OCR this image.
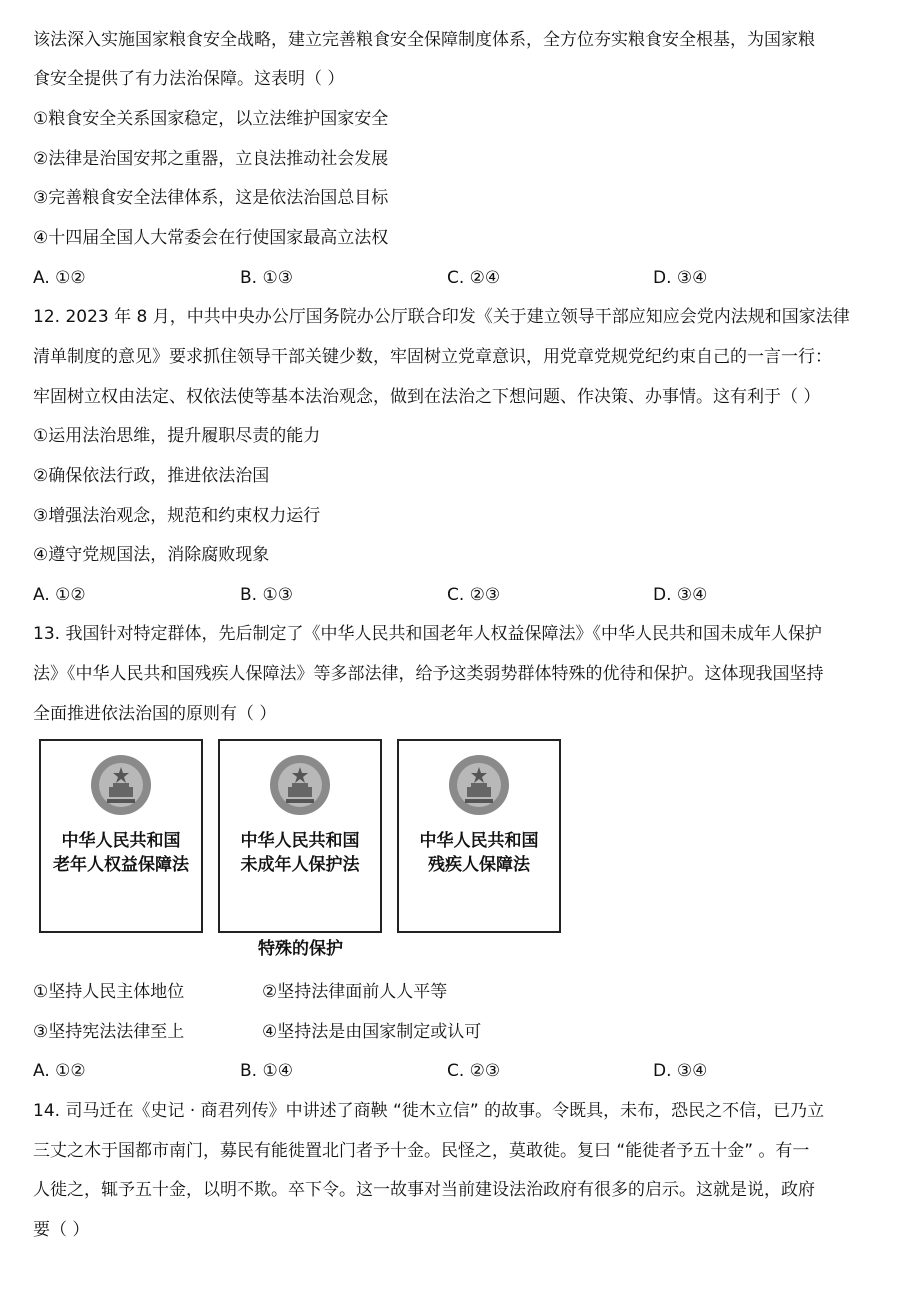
该法深入实施国家粮食安全战略，建立完善粮食安全保障制度体系，全方位夯实粮食安全根基，为国家粮
食安全提供了有力法治保障。这表明（ ）
①粮食安全关系国家稳定，以立法维护国家安全
②法律是治国安邦之重器，立良法推动社会发展
③完善粮食安全法律体系，这是依法治国总目标
④十四届全国人大常委会在行使国家最高立法权
A. ①②	B. ①③	C. ②④	D. ③④
12. 2023 年 8 月，中共中央办公厅国务院办公厅联合印发《关于建立领导干部应知应会党内法规和国家法律
清单制度的意见》要求抓住领导干部关键少数，牢固树立党章意识，用党章党规党纪约束自己的一言一行：
牢固树立权由法定、权依法使等基本法治观念，做到在法治之下想问题、作决策、办事情。这有利于（ ）
①运用法治思维，提升履职尽责的能力
②确保依法行政，推进依法治国
③增强法治观念，规范和约束权力运行
④遵守党规国法，消除腐败现象
A. ①②	B. ①③	C. ②③	D. ③④
13. 我国针对特定群体，先后制定了《中华人民共和国老年人权益保障法》《中华人民共和国未成年人保护
法》《中华人民共和国残疾人保障法》等多部法律，给予这类弱势群体特殊的优待和保护。这体现我国坚持
全面推进依法治国的原则有（ ）
中华人民共和国
老年人权益保障法
中华人民共和国
未成年人保护法
中华人民共和国
残疾人保障法
特殊的保护
①坚持人民主体地位	②坚持法律面前人人平等
③坚持宪法法律至上	④坚持法是由国家制定或认可
A. ①②	B. ①④	C. ②③	D. ③④
14. 司马迁在《史记 · 商君列传》中讲述了商鞅 “徙木立信” 的故事。令既具，未布，恐民之不信，已乃立
三丈之木于国都市南门，募民有能徙置北门者予十金。民怪之，莫敢徙。复曰 “能徙者予五十金” 。有一
人徙之，辄予五十金，以明不欺。卒下令。这一故事对当前建设法治政府有很多的启示。这就是说，政府
要（ ）
